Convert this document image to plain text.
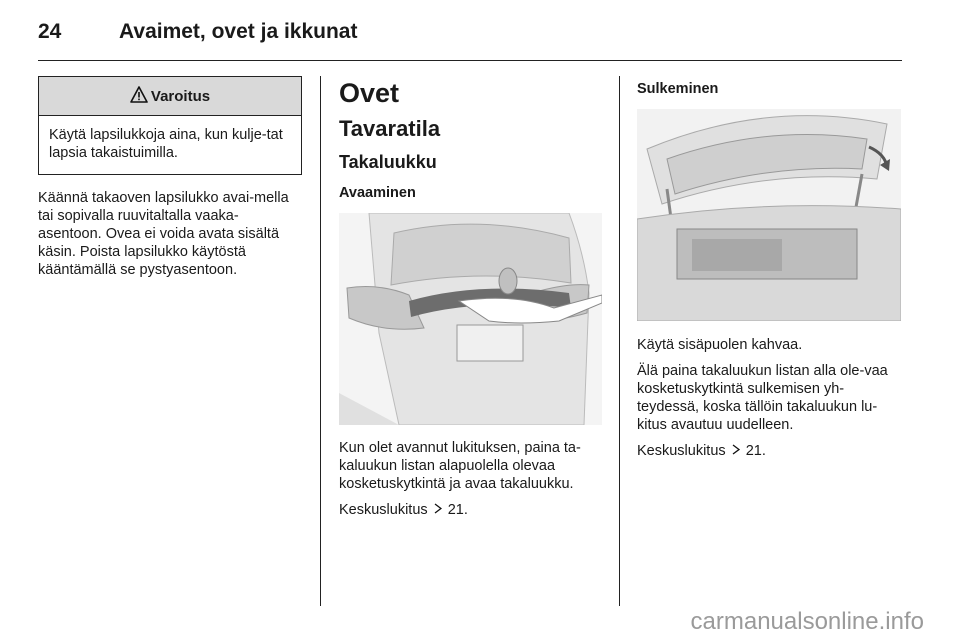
24	Avaimet, ovet ja ikkunat
Varoitus
Käytä lapsilukkoja aina, kun kulje-tat lapsia takaistuimilla.

Käännä takaoven lapsilukko avai-mella tai sopivalla ruuvitaltalla vaaka-asentoon. Ovea ei voida avata sisältä käsin. Poista lapsilukko käytöstä kääntämällä se pystyasentoon.

Ovet
Tavaratila
Takaluukku
Avaaminen

Kun olet avannut lukituksen, paina ta-kaluukun listan alapuolella olevaa kosketuskytkintä ja avaa takaluukku.

Keskuslukitus 21.

Sulkeminen

Käytä sisäpuolen kahvaa.

Älä paina takaluukun listan alla ole-vaa kosketuskytkintä sulkemisen yh-teydessä, koska tällöin takaluukun lu-kitus avautuu uudelleen.

Keskuslukitus 21.

carmanualsonline.info
